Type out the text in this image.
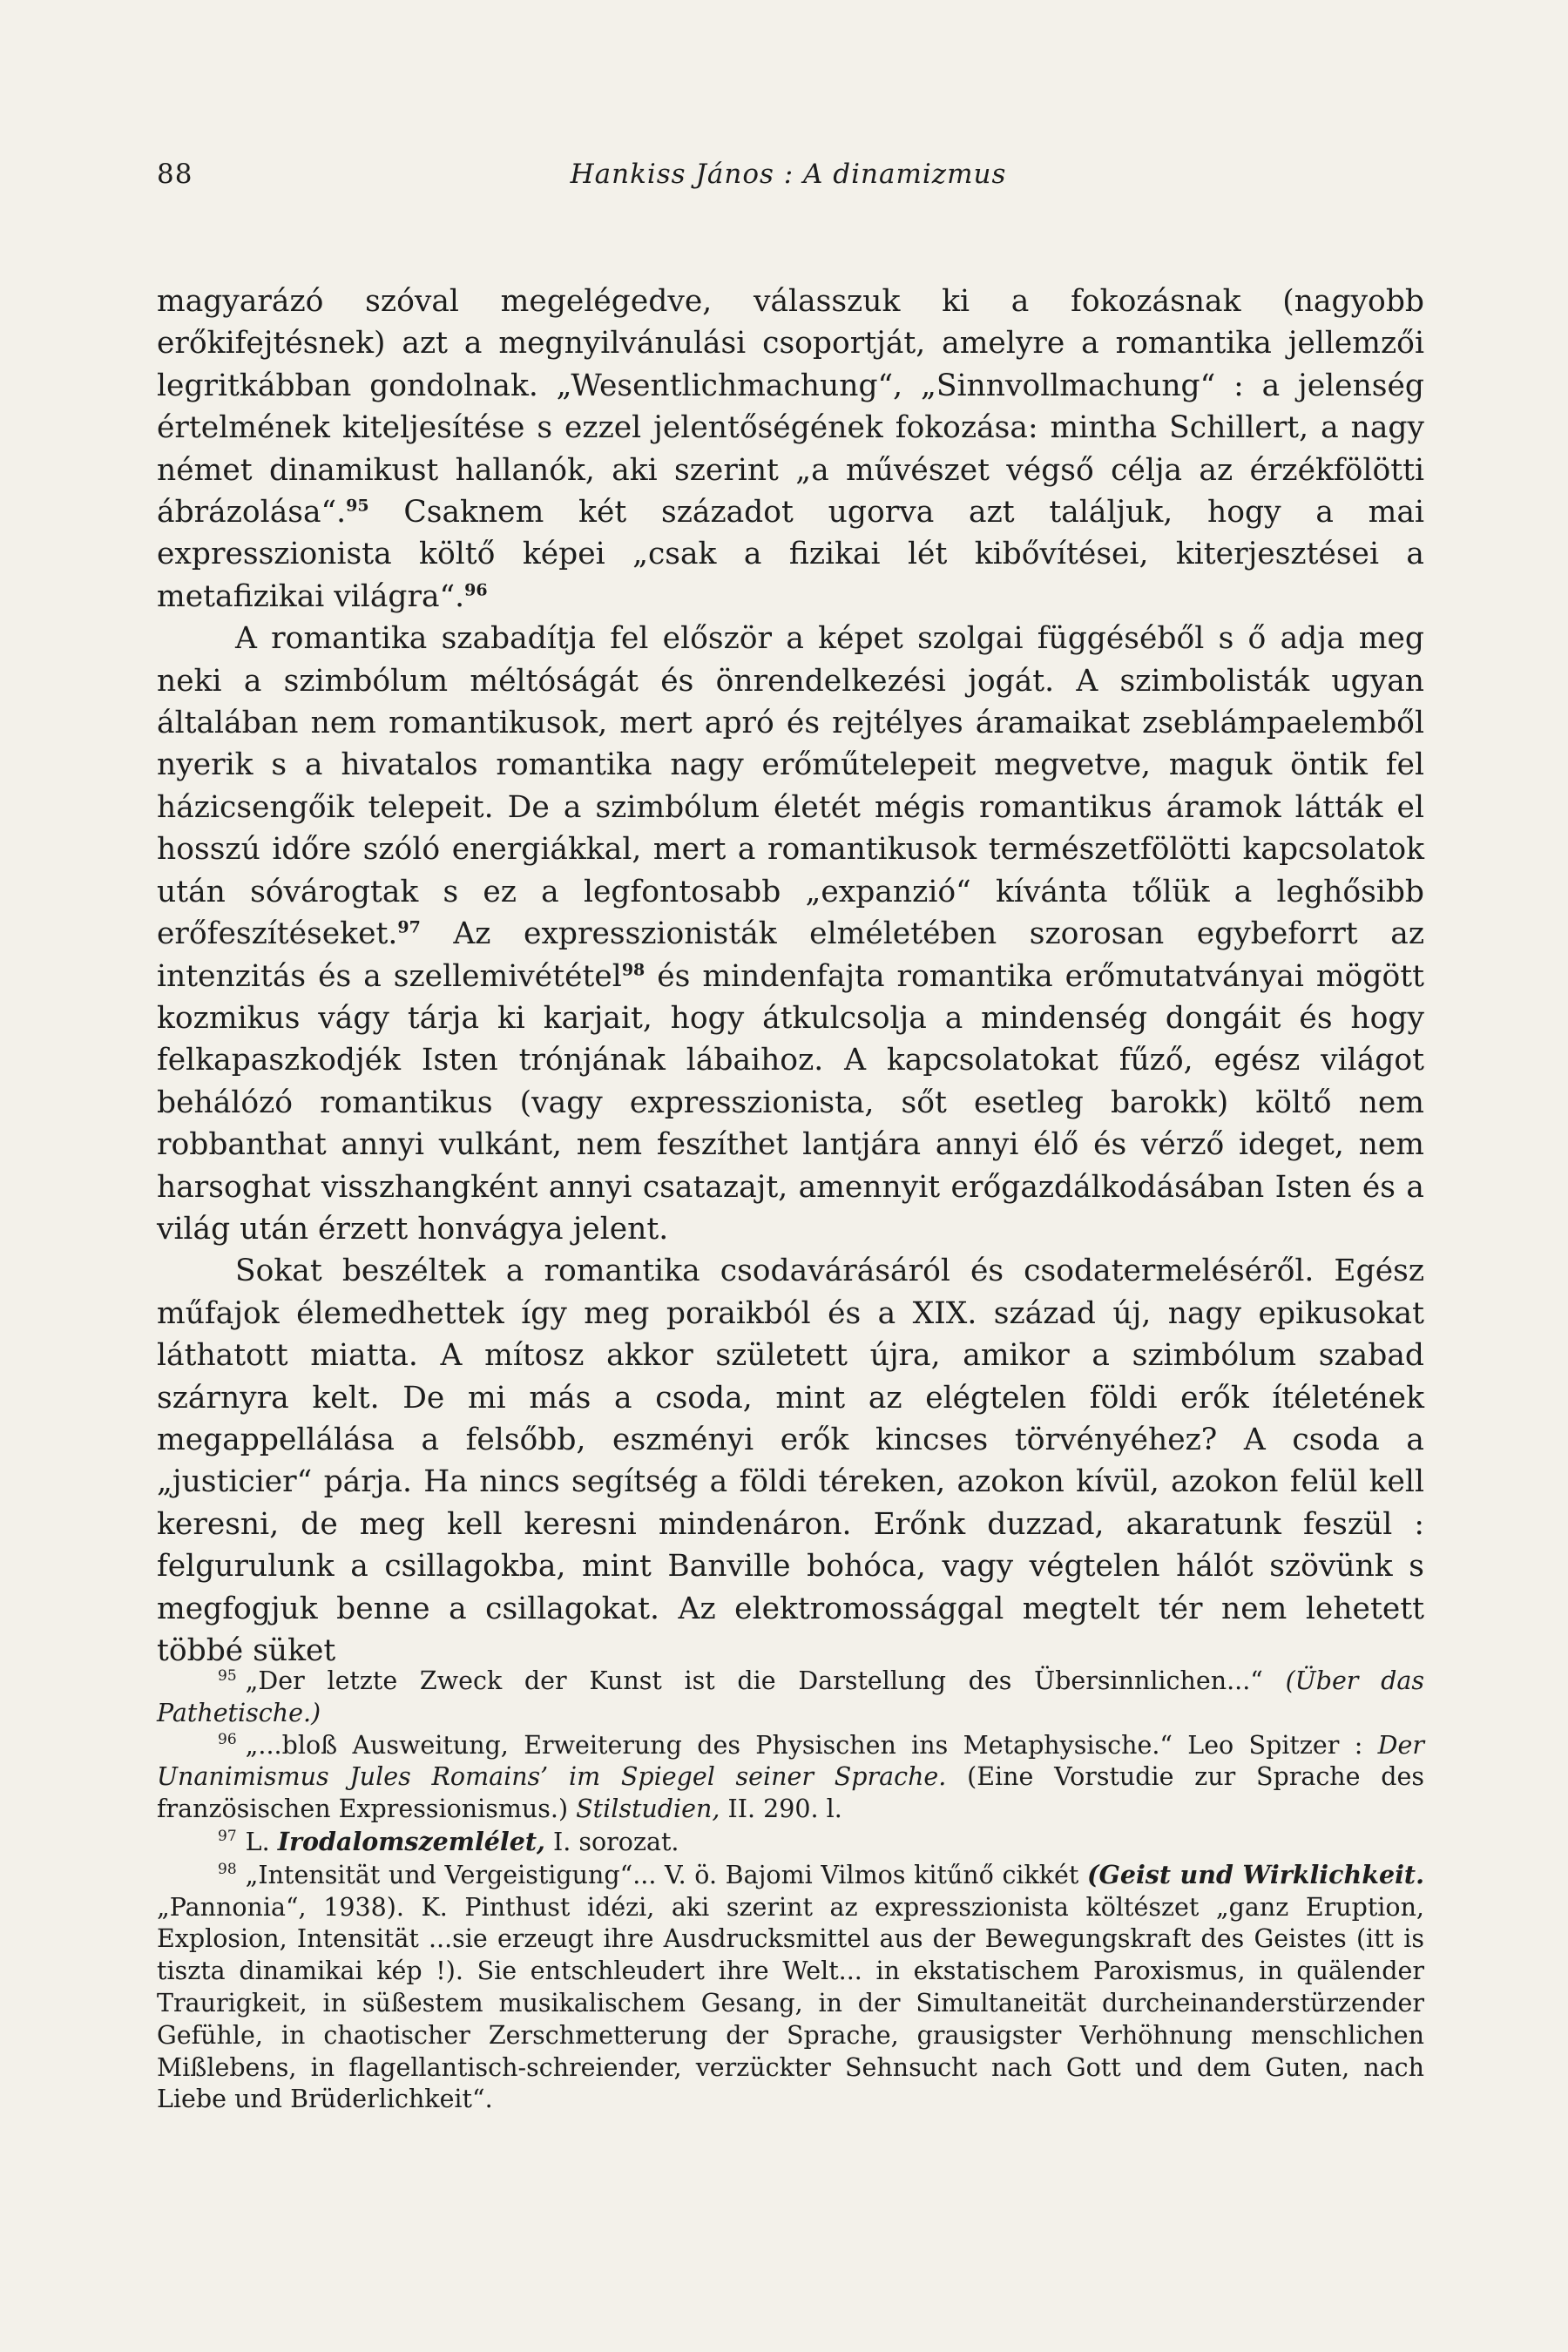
88	Hankiss János : A dinamizmus

magyarázó szóval megelégedve, válasszuk ki a fokozásnak (nagyobb erőkifejtésnek) azt a megnyilvánulási csoportját, amelyre a romantika jellemzői legritkábban gondolnak. „Wesentlichmachung“, „Sinnvollmachung“ : a jelenség értelmének kiteljesítése s ezzel jelentőségének fokozása: mintha Schillert, a nagy német dinamikust hallanók, aki szerint „a művészet végső célja az érzékfölötti ábrázolása“.$^{95}$ Csaknem két századot ugorva azt találjuk, hogy a mai expresszionista költő képei „csak a fizikai lét kibővítései, kiterjesztései a metafizikai világra“.$^{96}$

A romantika szabadítja fel először a képet szolgai függéséből s ő adja meg neki a szimbólum méltóságát és önrendelkezési jogát. A szimbolisták ugyan általában nem romantikusok, mert apró és rejtélyes áramaikat zseblámpaelemből nyerik s a hivatalos romantika nagy erőműtelepeit megvetve, maguk öntik fel házicsengőik telepeit. De a szimbólum életét mégis romantikus áramok látták el hosszú időre szóló energiákkal, mert a romantikusok természetfölötti kapcsolatok után sóvárogtak s ez a legfontosabb „expanzió“ kívánta tőlük a leghősibb erőfeszítéseket.$^{97}$ Az expresszionisták elméletében szorosan egybeforrt az intenzitás és a szellemivététel$^{98}$ és mindenfajta romantika erőmutatványai mögött kozmikus vágy tárja ki karjait, hogy átkulcsolja a mindenség dongáit és hogy felkapaszkodjék Isten trónjának lábaihoz. A kapcsolatokat fűző, egész világot behálózó romantikus (vagy expresszionista, sőt esetleg barokk) költő nem robbanthat annyi vulkánt, nem feszíthet lantjára annyi élő és vérző ideget, nem harsoghat visszhangként annyi csatazajt, amennyit erőgazdálkodásában Isten és a világ után érzett honvágya jelent.

Sokat beszéltek a romantika csodavárásáról és csodatermeléséről. Egész műfajok élemedhettek így meg poraikból és a XIX. század új, nagy epikusokat láthatott miatta. A mítosz akkor született újra, amikor a szimbólum szabad szárnyra kelt. De mi más a csoda, mint az elégtelen földi erők ítéletének megappellálása a felsőbb, eszményi erők kincses törvényéhez? A csoda a „justicier“ párja. Ha nincs segítség a földi téreken, azokon kívül, azokon felül kell keresni, de meg kell keresni mindenáron. Erőnk duzzad, akaratunk feszül : felgurulunk a csillagokba, mint Banville bohóca, vagy végtelen hálót szövünk s megfogjuk benne a csillagokat. Az elektromossággal megtelt tér nem lehetett többé süket

$^{95}$ „Der letzte Zweck der Kunst ist die Darstellung des Übersinnlichen...“ (Über das Pathetische.)

$^{96}$ „...bloß Ausweitung, Erweiterung des Physischen ins Metaphysische.“ Leo Spitzer : Der Unanimismus Jules Romains’ im Spiegel seiner Sprache. (Eine Vorstudie zur Sprache des französischen Expressionismus.) Stilstudien, II. 290. l.

$^{97}$ L. Irodalomszemlélet, I. sorozat.

$^{98}$ „Intensität und Vergeistigung“... V. ö. Bajomi Vilmos kitűnő cikkét (Geist und Wirklichkeit. „Pannonia“, 1938). K. Pinthust idézi, aki szerint az expresszionista költészet „ganz Eruption, Explosion, Intensität ...sie erzeugt ihre Ausdrucksmittel aus der Bewegungskraft des Geistes (itt is tiszta dinamikai kép !). Sie entschleudert ihre Welt... in ekstatischem Paroxismus, in quälender Traurigkeit, in süßestem musikalischem Gesang, in der Simultaneität durcheinanderstürzender Gefühle, in chaotischer Zerschmetterung der Sprache, grausigster Verhöhnung menschlichen Mißlebens, in flagellantisch-schreiender, verzückter Sehnsucht nach Gott und dem Guten, nach Liebe und Brüderlichkeit“.
